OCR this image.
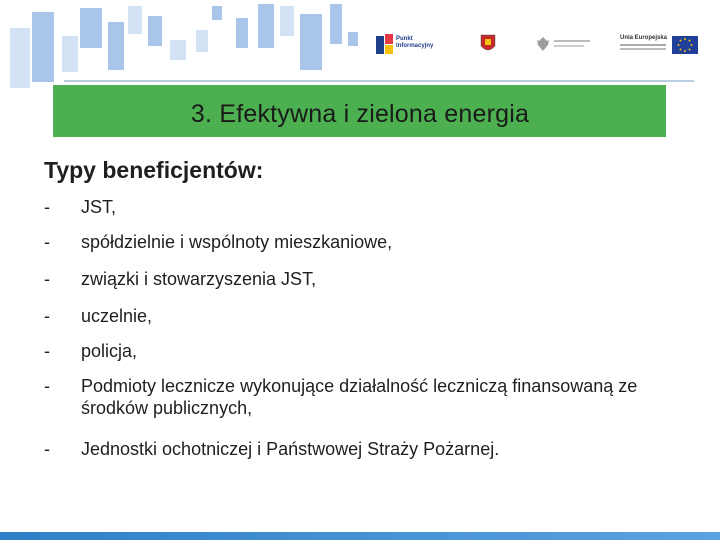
Punkt Informacyjny
Unia Europejska
3. Efektywna i zielona energia
Typy beneficjentów:
-	JST,
-	spółdzielnie i wspólnoty mieszkaniowe,
-	związki i stowarzyszenia JST,
-	uczelnie,
-	policja,
-	Podmioty lecznicze wykonujące działalność leczniczą finansowaną ze środków publicznych,
-	Jednostki ochotniczej i Państwowej Straży Pożarnej.
